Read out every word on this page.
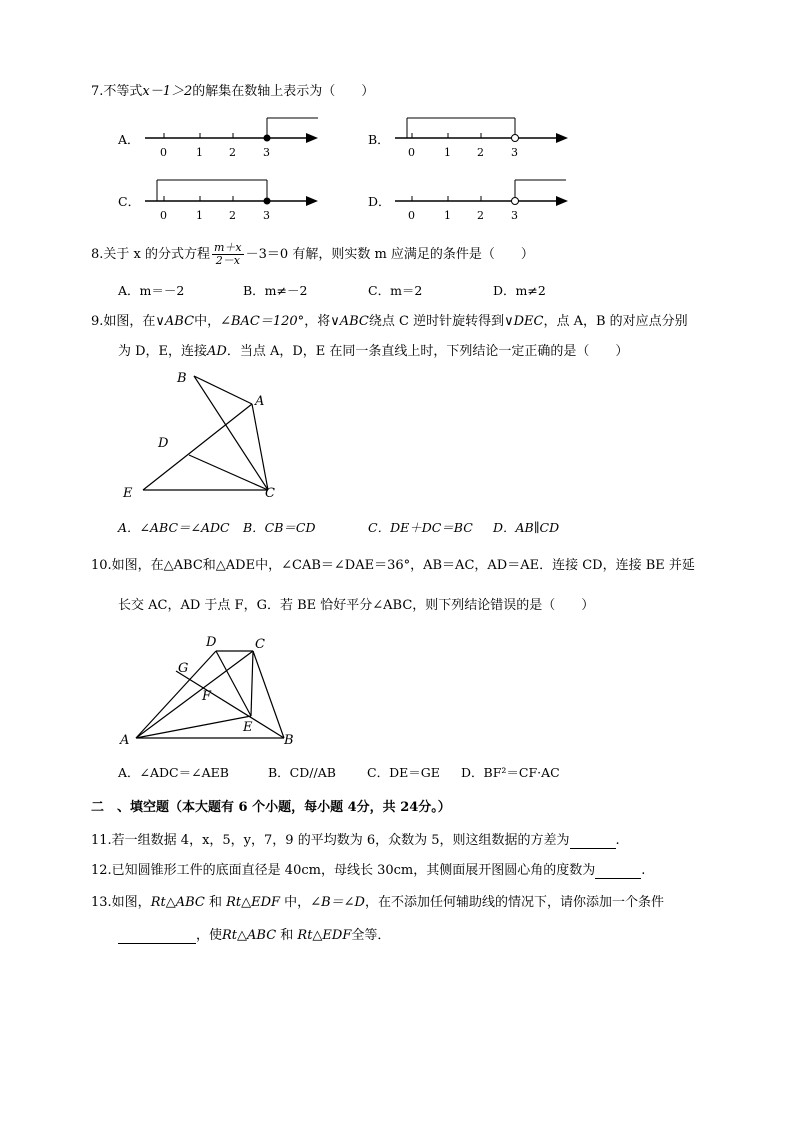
7.不等式x－1＞2的解集在数轴上表示为（　　）
A．
0	1 2 3
B．
0	1 2 3
C．
0	1 2 3
D．
0	1 2 3
8.关于 x 的分式方程 $\frac{m+x}{2-x} -3=0$ 有解，则实数 m 应满足的条件是（　　）
A．m＝－2	B．m≠－2	C．m＝2	D．m≠2
9.如图，在∨ABC中，∠BAC＝120°，将∨ABC绕点 C 逆时针旋转得到∨DEC，点 A，B 的对应点分别
为 D，E，连接AD．当点 A，D，E 在同一条直线上时，下列结论一定正确的是（　　）
B
A
D
E	C
A．∠ABC＝∠ADC B．CB＝CD	C．DE＋DC＝BC D．AB∥CD
10.如图，在△ABC和△ADE中，∠CAB＝∠DAE＝36°，AB＝AC，AD＝AE．连接 CD，连接 BE 并延
长交 AC，AD 于点 F，G．若 BE 恰好平分∠ABC，则下列结论错误的是（　　）
D	C
G
F
E
A	B
A．∠ADC＝∠AEB	B．CD//AB C．DE＝GE D．BF²＝CF·AC
二　、填空题（本大题有 6 个小题，每小题 4分，共 24分。）
11.若一组数据 4，x，5，y，7，9 的平均数为 6，众数为 5，则这组数据的方差为	.
12.已知圆锥形工件的底面直径是 40cm，母线长 30cm，其侧面展开图圆心角的度数为	.
13.如图，Rt△ABC 和 Rt△EDF 中，∠B＝∠D，在不添加任何辅助线的情况下，请你添加一个条件
，使Rt△ABC 和 Rt△EDF全等．
